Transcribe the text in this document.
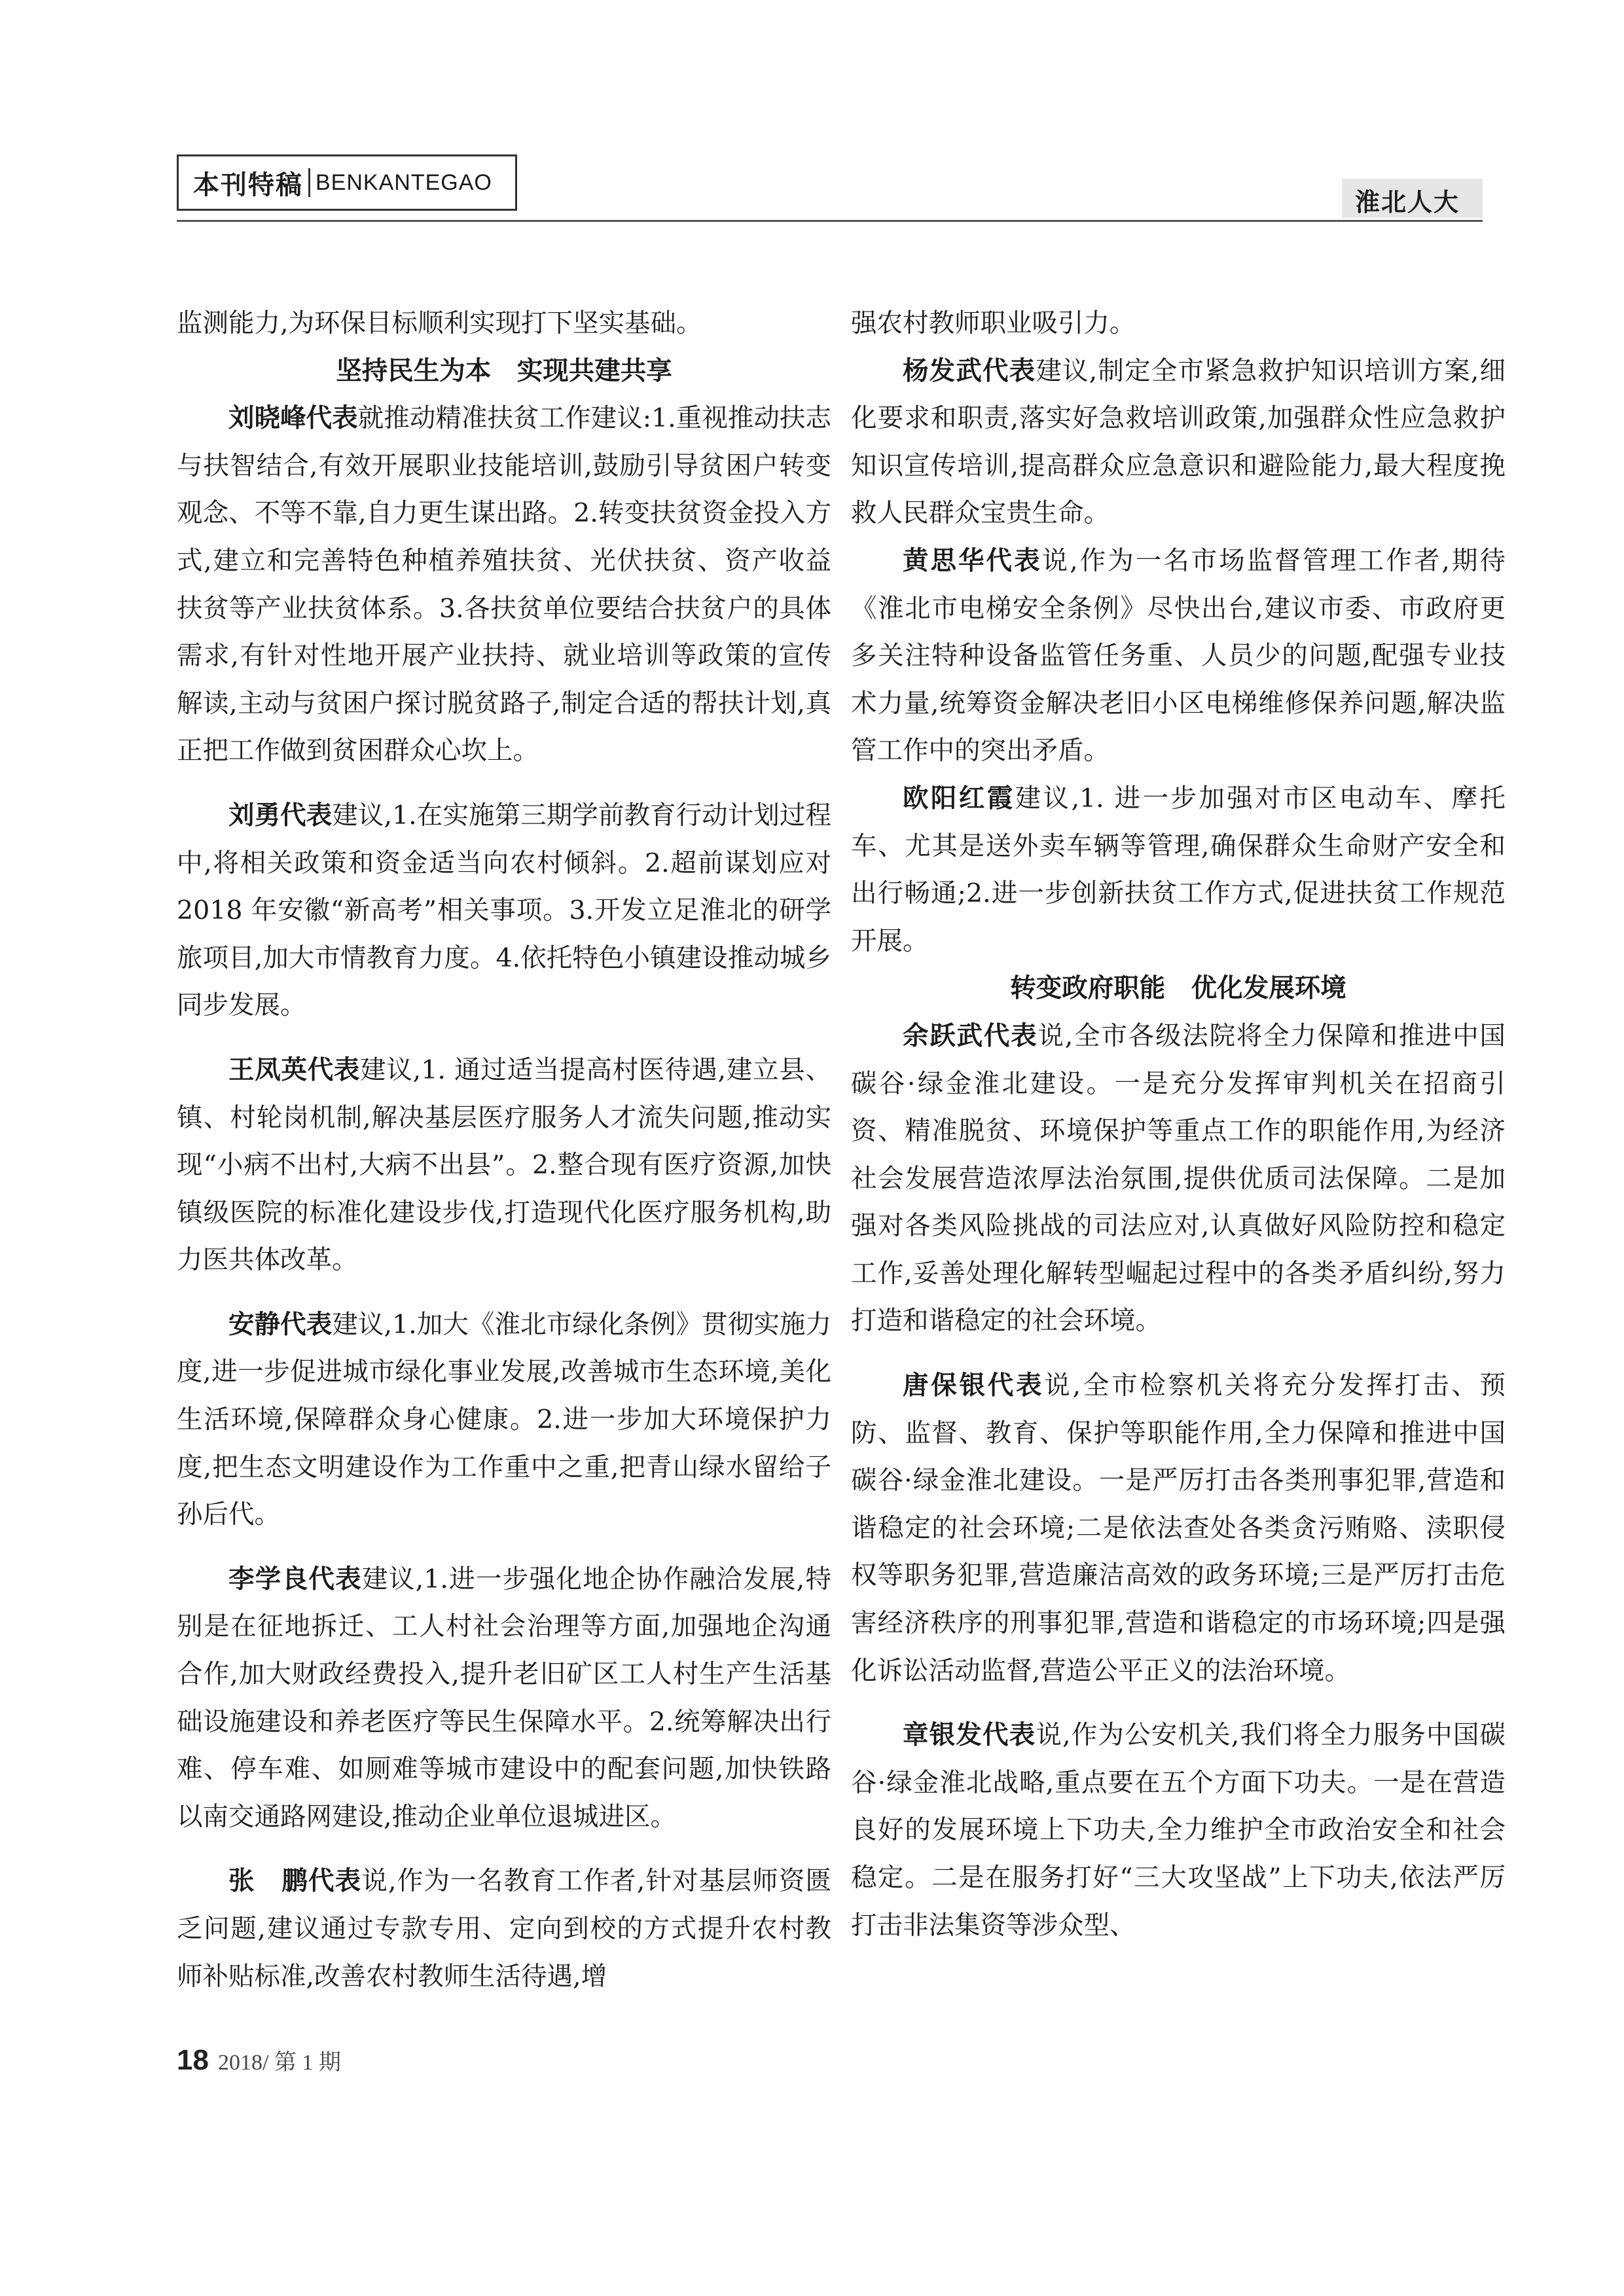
本刊特稿 BENKANTEGAO
淮北人大

监测能力,为环保目标顺利实现打下坚实基础。

坚持民生为本　实现共建共享

刘晓峰代表就推动精准扶贫工作建议:1.重视推动扶志与扶智结合,有效开展职业技能培训,鼓励引导贫困户转变观念、不等不靠,自力更生谋出路。2.转变扶贫资金投入方式,建立和完善特色种植养殖扶贫、光伏扶贫、资产收益扶贫等产业扶贫体系。3.各扶贫单位要结合扶贫户的具体需求,有针对性地开展产业扶持、就业培训等政策的宣传解读,主动与贫困户探讨脱贫路子,制定合适的帮扶计划,真正把工作做到贫困群众心坎上。

刘勇代表建议,1.在实施第三期学前教育行动计划过程中,将相关政策和资金适当向农村倾斜。2.超前谋划应对 2018 年安徽“新高考”相关事项。3.开发立足淮北的研学旅项目,加大市情教育力度。4.依托特色小镇建设推动城乡同步发展。

王凤英代表建议,1. 通过适当提高村医待遇,建立县、镇、村轮岗机制,解决基层医疗服务人才流失问题,推动实现“小病不出村,大病不出县”。2.整合现有医疗资源,加快镇级医院的标准化建设步伐,打造现代化医疗服务机构,助力医共体改革。

安静代表建议,1.加大《淮北市绿化条例》贯彻实施力度,进一步促进城市绿化事业发展,改善城市生态环境,美化生活环境,保障群众身心健康。2.进一步加大环境保护力度,把生态文明建设作为工作重中之重,把青山绿水留给子孙后代。

李学良代表建议,1.进一步强化地企协作融洽发展,特别是在征地拆迁、工人村社会治理等方面,加强地企沟通合作,加大财政经费投入,提升老旧矿区工人村生产生活基础设施建设和养老医疗等民生保障水平。2.统筹解决出行难、停车难、如厕难等城市建设中的配套问题,加快铁路以南交通路网建设,推动企业单位退城进区。

张　鹏代表说,作为一名教育工作者,针对基层师资匮乏问题,建议通过专款专用、定向到校的方式提升农村教师补贴标准,改善农村教师生活待遇,增

强农村教师职业吸引力。

杨发武代表建议,制定全市紧急救护知识培训方案,细化要求和职责,落实好急救培训政策,加强群众性应急救护知识宣传培训,提高群众应急意识和避险能力,最大程度挽救人民群众宝贵生命。

黄思华代表说,作为一名市场监督管理工作者,期待《淮北市电梯安全条例》尽快出台,建议市委、市政府更多关注特种设备监管任务重、人员少的问题,配强专业技术力量,统筹资金解决老旧小区电梯维修保养问题,解决监管工作中的突出矛盾。

欧阳红霞建议,1. 进一步加强对市区电动车、摩托车、尤其是送外卖车辆等管理,确保群众生命财产安全和出行畅通;2.进一步创新扶贫工作方式,促进扶贫工作规范开展。

转变政府职能　优化发展环境

余跃武代表说,全市各级法院将全力保障和推进中国碳谷·绿金淮北建设。一是充分发挥审判机关在招商引资、精准脱贫、环境保护等重点工作的职能作用,为经济社会发展营造浓厚法治氛围,提供优质司法保障。二是加强对各类风险挑战的司法应对,认真做好风险防控和稳定工作,妥善处理化解转型崛起过程中的各类矛盾纠纷,努力打造和谐稳定的社会环境。

唐保银代表说,全市检察机关将充分发挥打击、预防、监督、教育、保护等职能作用,全力保障和推进中国碳谷·绿金淮北建设。一是严厉打击各类刑事犯罪,营造和谐稳定的社会环境;二是依法查处各类贪污贿赂、渎职侵权等职务犯罪,营造廉洁高效的政务环境;三是严厉打击危害经济秩序的刑事犯罪,营造和谐稳定的市场环境;四是强化诉讼活动监督,营造公平正义的法治环境。

章银发代表说,作为公安机关,我们将全力服务中国碳谷·绿金淮北战略,重点要在五个方面下功夫。一是在营造良好的发展环境上下功夫,全力维护全市政治安全和社会稳定。二是在服务打好“三大攻坚战”上下功夫,依法严厉打击非法集资等涉众型、

18 2018/ 第 1 期
